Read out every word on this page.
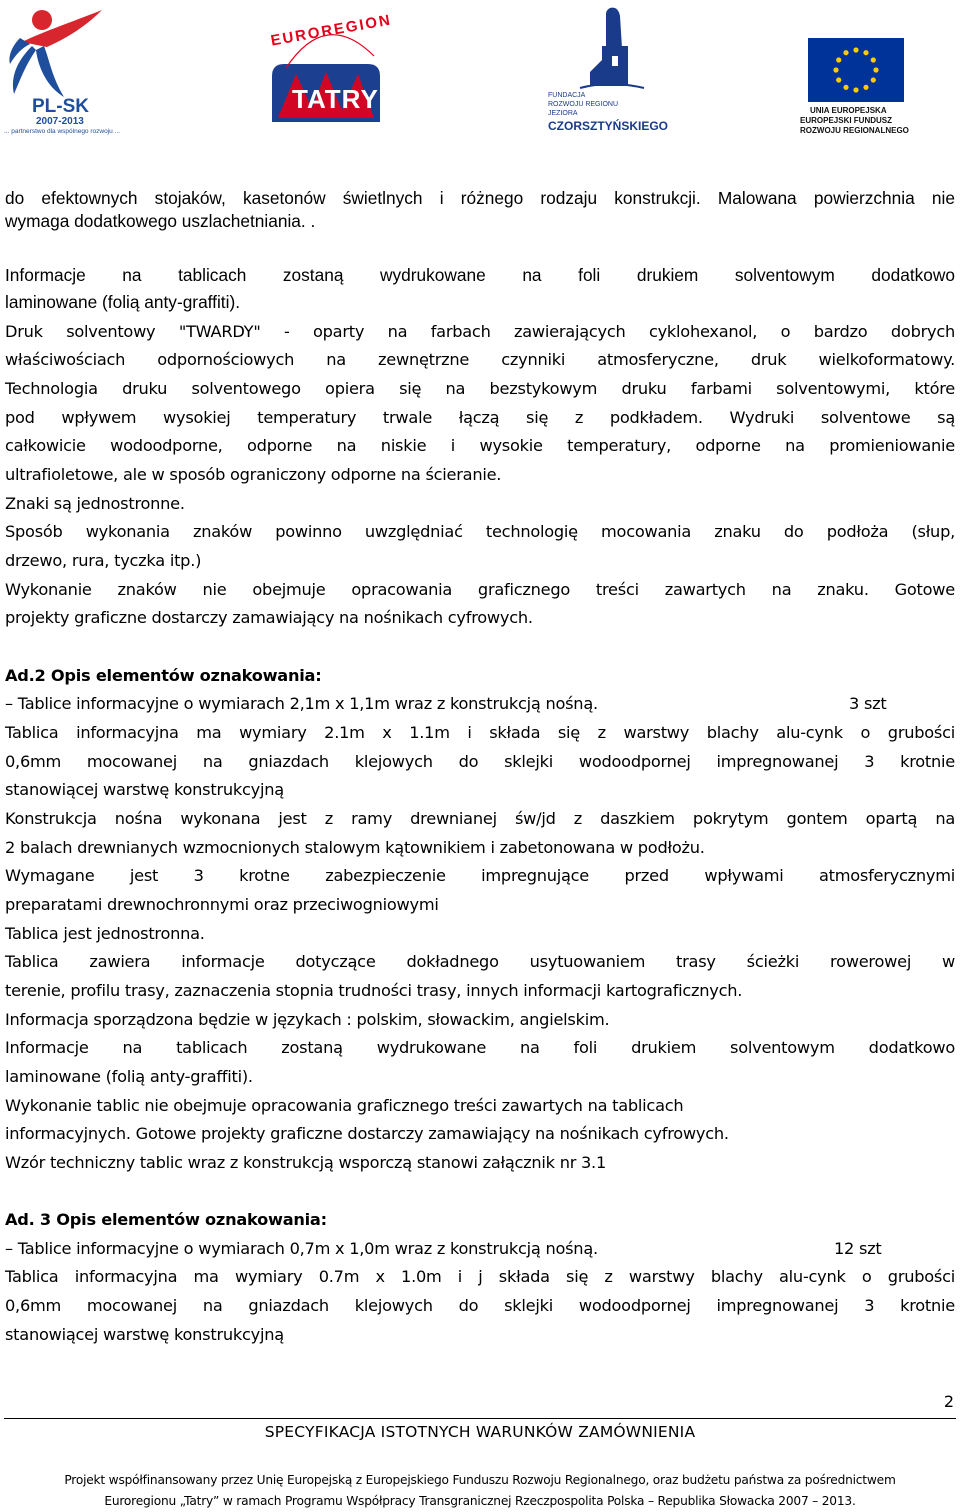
PL-SK
2007-2013
... partnerstwo dla wspólnego rozwoju ...
EUROREGION
TATRY	FUNDACJA
ROZWOJU REGIONU
JEZIORA
CZORSZTYŃSKIEGO
UNIA EUROPEJSKA
EUROPEJSKI FUNDUSZ
ROZWOJU REGIONALNEGO
do efektownych stojaków, kasetonów świetlnych i różnego rodzaju konstrukcji. Malowana powierzchnia nie
wymaga dodatkowego uszlachetniania. .
Informacje na tablicach zostaną wydrukowane na foli drukiem solventowym dodatkowo
laminowane (folią anty-graffiti).
Druk solventowy "TWARDY" - oparty na farbach zawierających cyklohexanol, o bardzo dobrych
właściwościach odpornościowych na zewnętrzne czynniki atmosferyczne, druk wielkoformatowy.
Technologia druku solventowego opiera się na bezstykowym druku farbami solventowymi, które
pod wpływem wysokiej temperatury trwale łączą się z podkładem. Wydruki solventowe są
całkowicie wodoodporne, odporne na niskie i wysokie temperatury, odporne na promieniowanie
ultrafioletowe, ale w sposób ograniczony odporne na ścieranie.
Znaki są jednostronne.
Sposób wykonania znaków powinno uwzględniać technologię mocowania znaku do podłoża (słup,
drzewo, rura, tyczka itp.)
Wykonanie znaków nie obejmuje opracowania graficznego treści zawartych na znaku. Gotowe
projekty graficzne dostarczy zamawiający na nośnikach cyfrowych.
Ad.2 Opis elementów oznakowania:
– Tablice informacyjne o wymiarach 2,1m x 1,1m wraz z konstrukcją nośną.	3 szt
Tablica informacyjna ma wymiary 2.1m x 1.1m i składa się z warstwy blachy alu-cynk o grubości
0,6mm mocowanej na gniazdach klejowych do sklejki wodoodpornej impregnowanej 3 krotnie
stanowiącej warstwę konstrukcyjną
Konstrukcja nośna wykonana jest z ramy drewnianej św/jd z daszkiem pokrytym gontem opartą na
2 balach drewnianych wzmocnionych stalowym kątownikiem i zabetonowana w podłożu.
Wymagane jest 3 krotne zabezpieczenie impregnujące przed wpływami atmosferycznymi
preparatami drewnochronnymi oraz przeciwogniowymi
Tablica jest jednostronna.
Tablica zawiera informacje dotyczące dokładnego usytuowaniem trasy ścieżki rowerowej w
terenie, profilu trasy, zaznaczenia stopnia trudności trasy, innych informacji kartograficznych.
Informacja sporządzona będzie w językach : polskim, słowackim, angielskim.
Informacje na tablicach zostaną wydrukowane na foli drukiem solventowym dodatkowo
laminowane (folią anty-graffiti).
Wykonanie tablic nie obejmuje opracowania graficznego treści zawartych na tablicach
informacyjnych. Gotowe projekty graficzne dostarczy zamawiający na nośnikach cyfrowych.
Wzór techniczny tablic wraz z konstrukcją wsporczą stanowi załącznik nr 3.1
Ad. 3 Opis elementów oznakowania:
– Tablice informacyjne o wymiarach 0,7m x 1,0m wraz z konstrukcją nośną.	12 szt
Tablica informacyjna ma wymiary 0.7m x 1.0m i j składa się z warstwy blachy alu-cynk o grubości
0,6mm mocowanej na gniazdach klejowych do sklejki wodoodpornej impregnowanej 3 krotnie
stanowiącej warstwę konstrukcyjną
2
SPECYFIKACJA ISTOTNYCH WARUNKÓW ZAMÓWNIENIA
Projekt współfinansowany przez Unię Europejską z Europejskiego Funduszu Rozwoju Regionalnego, oraz budżetu państwa za pośrednictwem
Euroregionu „Tatry” w ramach Programu Współpracy Transgranicznej Rzeczpospolita Polska – Republika Słowacka 2007 – 2013.
